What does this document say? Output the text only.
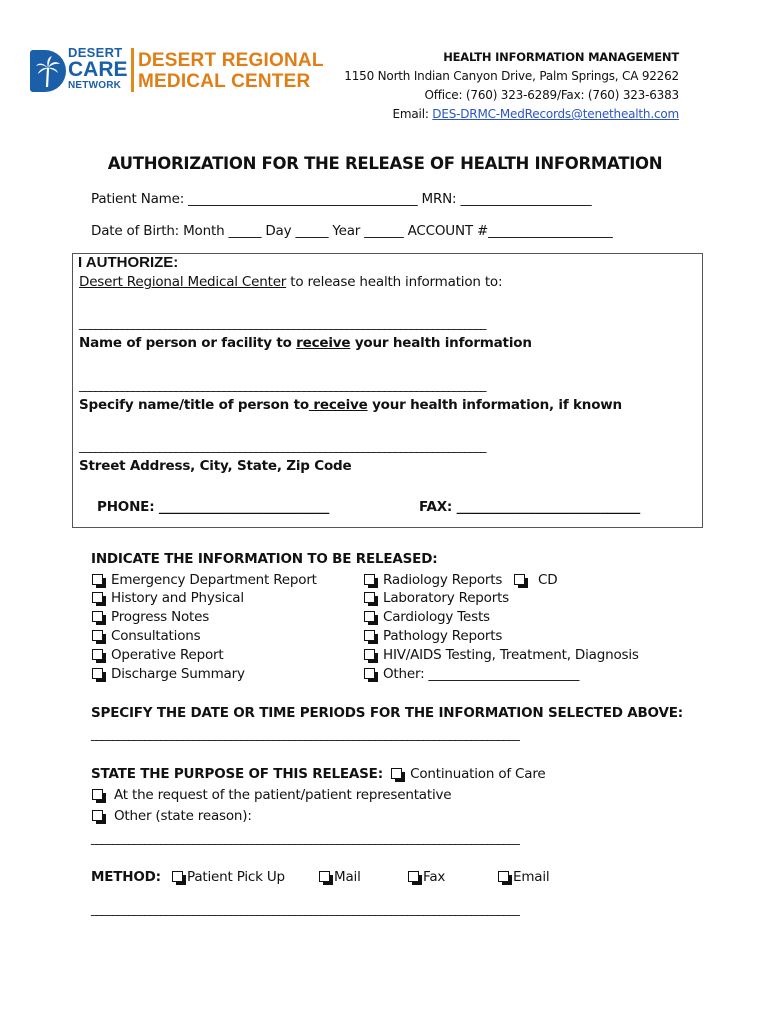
DESERT
CARE
NETWORK
DESERT REGIONAL
MEDICAL CENTER
HEALTH INFORMATION MANAGEMENT
1150 North Indian Canyon Drive, Palm Springs, CA 92262
Office: (760) 323-6289/Fax: (760) 323-6383
Email: DES-DRMC-MedRecords@tenethealth.com
AUTHORIZATION FOR THE RELEASE OF HEALTH INFORMATION
Patient Name: ___________________________________ MRN: ____________________
Date of Birth: Month _____ Day _____ Year ______ ACCOUNT #___________________
I AUTHORIZE:
Desert Regional Medical Center to release health information to:
____________________________________________________________________________
Name of person or facility to receive your health information
____________________________________________________________________________
Specify name/title of person to receive your health information, if known
____________________________________________________________________________
Street Address, City, State, Zip Code
PHONE: __________________________	FAX: ____________________________
INDICATE THE INFORMATION TO BE RELEASED:
Emergency Department Report
History and Physical
Progress Notes
Consultations
Operative Report
Discharge Summary
Radiology Reports	CD
Laboratory Reports
Cardiology Tests
Pathology Reports
HIV/AIDS Testing, Treatment, Diagnosis
Other: _______________________
SPECIFY THE DATE OR TIME PERIODS FOR THE INFORMATION SELECTED ABOVE:
________________________________________________________________________________
STATE THE PURPOSE OF THIS RELEASE: Continuation of Care
At the request of the patient/patient representative
Other (state reason):
________________________________________________________________________________
METHOD:	Patient Pick Up	Mail	Fax	Email
________________________________________________________________________________
